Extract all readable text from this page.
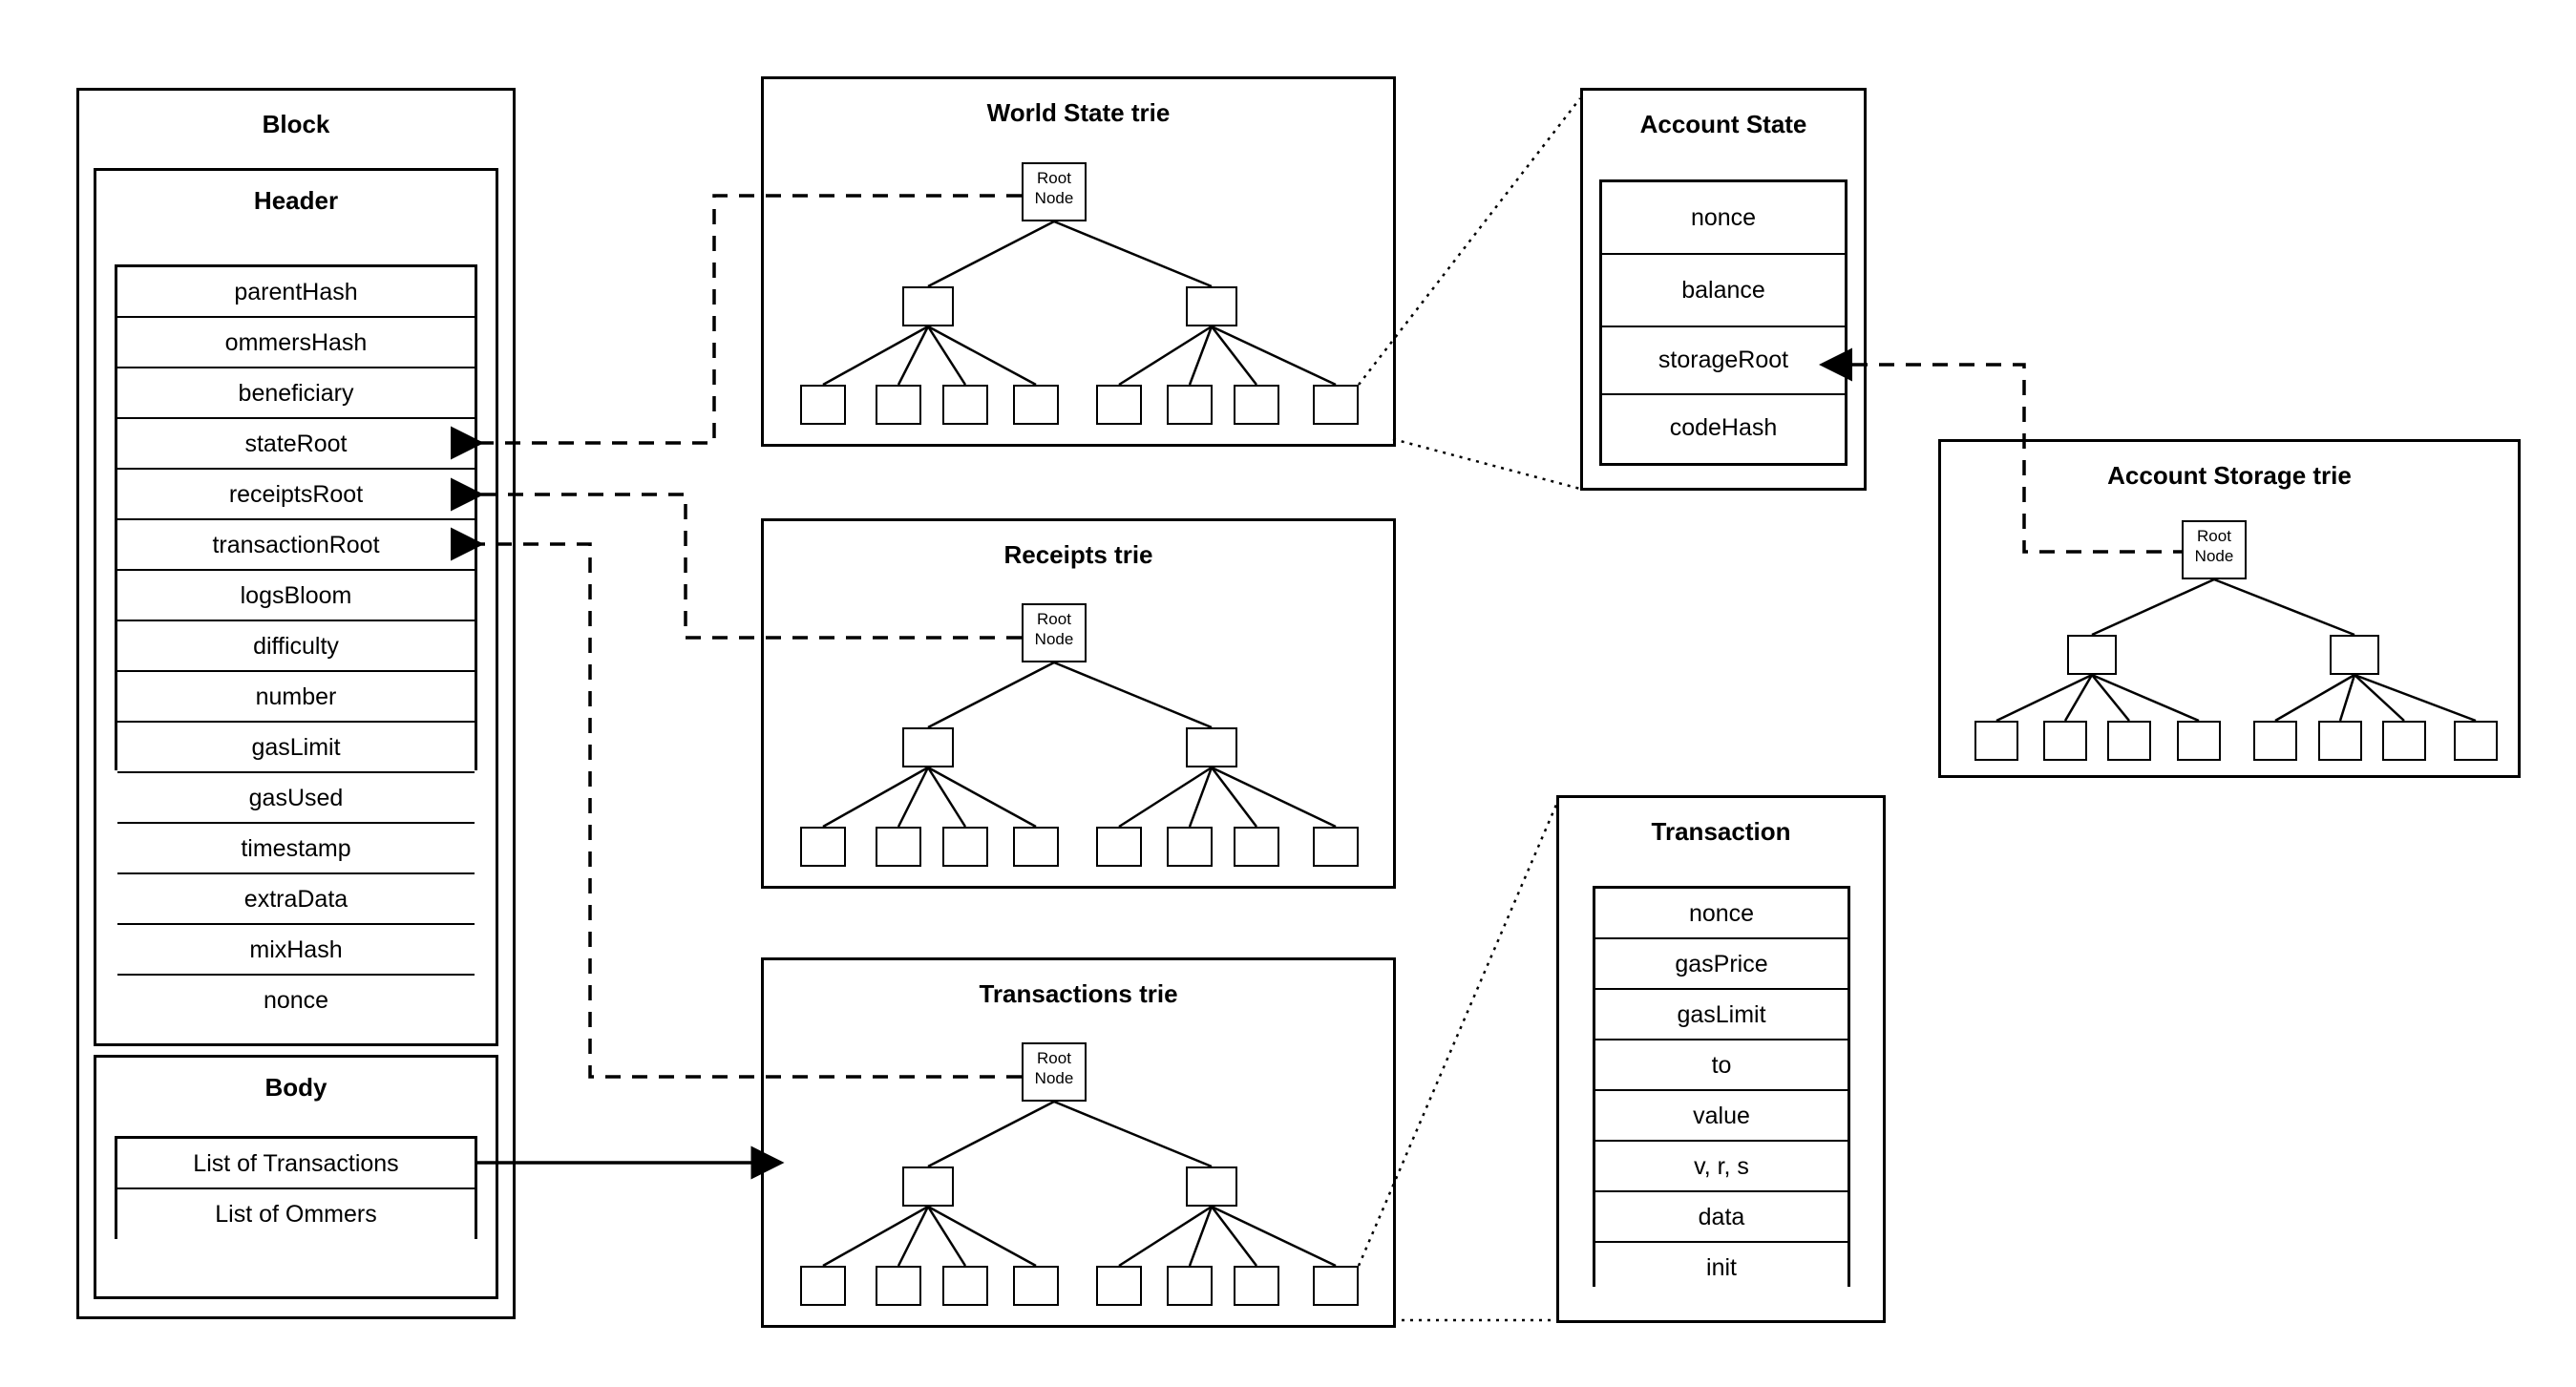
Block
Header
parentHash
ommersHash
beneficiary
stateRoot
receiptsRoot
transactionRoot
logsBloom
difficulty
number
gasLimit
gasUsed
timestamp
extraData
mixHash
nonce
Body
List of Transactions
List of Ommers
World State trie
Root
Node
Receipts trie
Root
Node
Transactions trie
Root
Node
Account State
nonce
balance
storageRoot
codeHash
Account Storage trie
Root
Node
Transaction
nonce
gasPrice
gasLimit
to
value
v, r, s
data
init
